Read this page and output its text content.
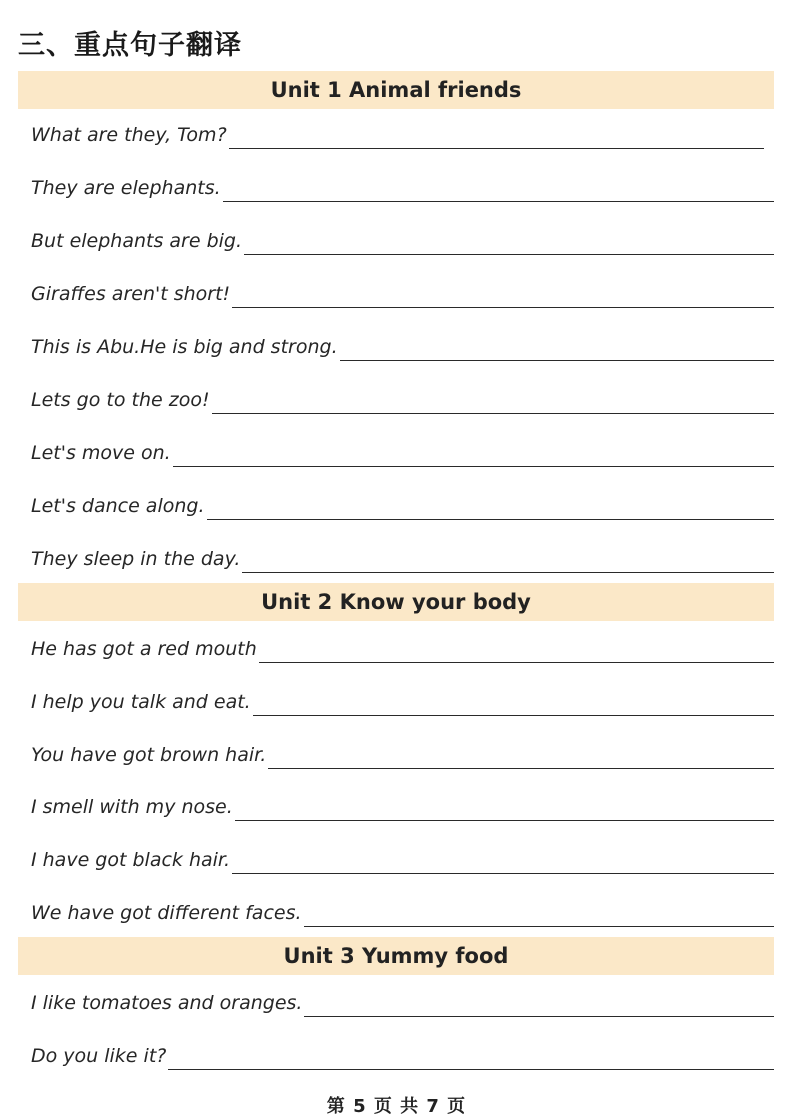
三、重点句子翻译
Unit 1 Animal friends
What are they, Tom?
They are elephants.
But elephants are big.
Giraffes aren't short!
This is Abu.He is big and strong.
Lets go to the zoo!
Let's move on.
Let's dance along.
They sleep in the day.
Unit 2 Know your body
He has got a red mouth
I help you talk and eat.
You have got brown hair.
I smell with my nose.
I have got black hair.
We have got different faces.
Unit 3 Yummy food
I like tomatoes and oranges.
Do you like it?
第 5 页 共 7 页
